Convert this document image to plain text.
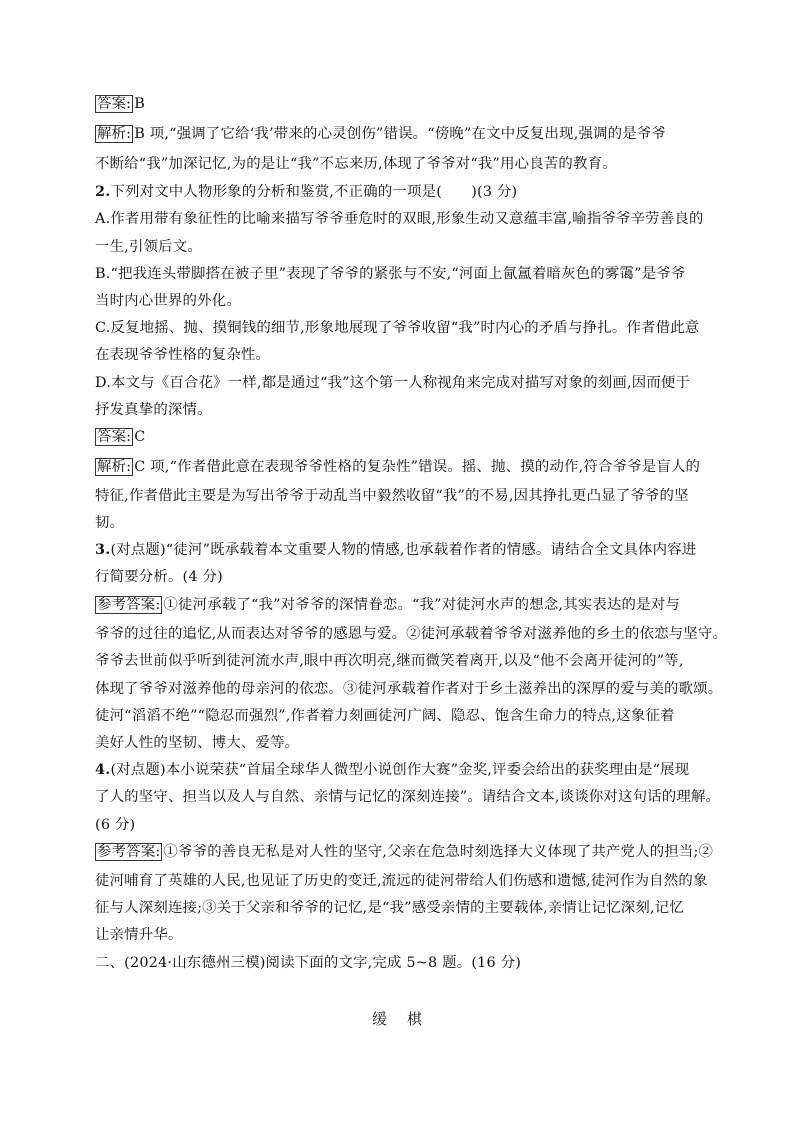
答案: B
解析: B 项,“强调了它给‘我’带来的心灵创伤”错误。“傍晚”在文中反复出现,强调的是爷爷
不断给“我”加深记忆,为的是让“我”不忘来历,体现了爷爷对“我”用心良苦的教育。
2.下列对文中人物形象的分析和鉴赏,不正确的一项是(　　)(3 分)
A.作者用带有象征性的比喻来描写爷爷垂危时的双眼,形象生动又意蕴丰富,喻指爷爷辛劳善良的
一生,引领后文。
B.“把我连头带脚搭在被子里”表现了爷爷的紧张与不安,“河面上氤氲着暗灰色的雾霭”是爷爷
当时内心世界的外化。
C.反复地摇、抛、摸铜钱的细节,形象地展现了爷爷收留“我”时内心的矛盾与挣扎。作者借此意
在表现爷爷性格的复杂性。
D.本文与《百合花》一样,都是通过“我”这个第一人称视角来完成对描写对象的刻画,因而便于
抒发真挚的深情。
答案: C
解析: C 项,“作者借此意在表现爷爷性格的复杂性”错误。摇、抛、摸的动作,符合爷爷是盲人的
特征,作者借此主要是为写出爷爷于动乱当中毅然收留“我”的不易,因其挣扎更凸显了爷爷的坚
韧。
3.(对点题)“徒河”既承载着本文重要人物的情感,也承载着作者的情感。请结合全文具体内容进
行简要分析。(4 分)
参考答案: ①徒河承载了“我”对爷爷的深情眷恋。“我”对徒河水声的想念,其实表达的是对与
爷爷的过往的追忆,从而表达对爷爷的感恩与爱。②徒河承载着爷爷对滋养他的乡土的依恋与坚守。
爷爷去世前似乎听到徒河流水声,眼中再次明亮,继而微笑着离开,以及“他不会离开徒河的”等,
体现了爷爷对滋养他的母亲河的依恋。③徒河承载着作者对于乡土滋养出的深厚的爱与美的歌颂。
徒河“滔滔不绝”“隐忍而强烈”,作者着力刻画徒河广阔、隐忍、饱含生命力的特点,这象征着
美好人性的坚韧、博大、爱等。
4.(对点题)本小说荣获“首届全球华人微型小说创作大赛”金奖,评委会给出的获奖理由是“展现
了人的坚守、担当以及人与自然、亲情与记忆的深刻连接”。请结合文本,谈谈你对这句话的理解。
(6 分)
参考答案: ①爷爷的善良无私是对人性的坚守,父亲在危急时刻选择大义体现了共产党人的担当;②
徒河哺育了英雄的人民,也见证了历史的变迁,流远的徒河带给人们伤感和遗憾,徒河作为自然的象
征与人深刻连接;③关于父亲和爷爷的记忆,是“我”感受亲情的主要载体,亲情让记忆深刻,记忆
让亲情升华。
二、(2024·山东德州三模)阅读下面的文字,完成 5~8 题。(16 分)
缓棋
